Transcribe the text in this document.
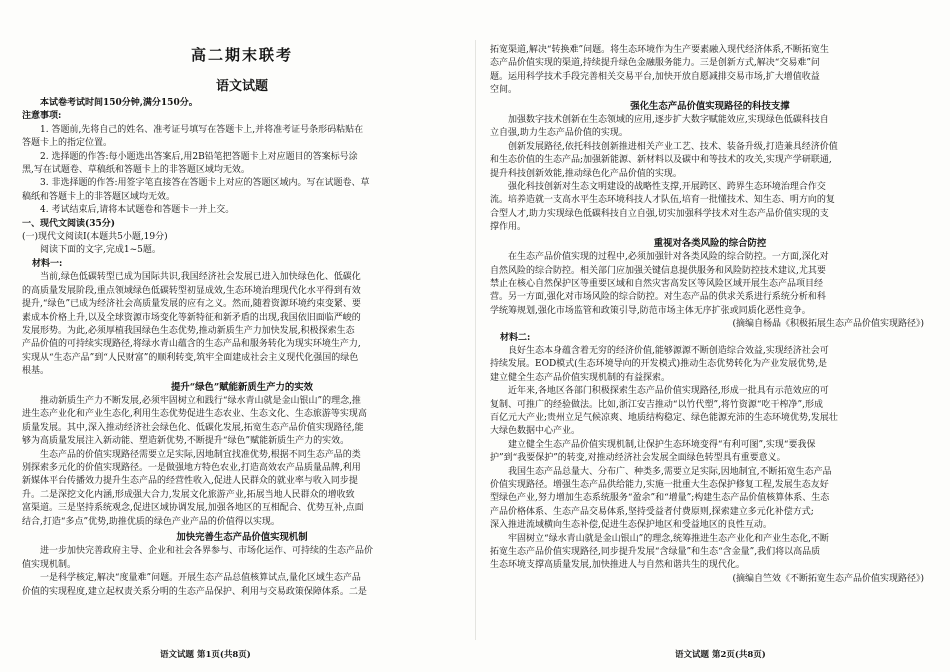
高二期末联考

语文试题

本试卷考试时间150分钟,满分150分。

注意事项:

1. 答题前,先将自己的姓名、准考证号填写在答题卡上,并将准考证号条形码粘贴在

答题卡上的指定位置。

2. 选择题的作答:每小题选出答案后,用2B铅笔把答题卡上对应题目的答案标号涂

黑,写在试题卷、草稿纸和答题卡上的非答题区域均无效。

3. 非选择题的作答:用签字笔直接答在答题卡上对应的答题区域内。写在试题卷、草

稿纸和答题卡上的非答题区域均无效。

4. 考试结束后,请将本试题卷和答题卡一并上交。

一、现代文阅读(35分)

(一)现代文阅读Ⅰ(本题共5小题,19分)

阅读下面的文字,完成1~5题。

材料一:

当前,绿色低碳转型已成为国际共识,我国经济社会发展已进入加快绿色化、低碳化

的高质量发展阶段,重点领域绿色低碳转型初显成效,生态环境治理现代化水平得到有效

提升,“绿色”已成为经济社会高质量发展的应有之义。然而,随着资源环境约束变紧、要

素成本价格上升,以及全球资源市场变化等新特征和新矛盾的出现,我国依旧面临严峻的

发展形势。为此,必须厚植我国绿色生态优势,推动新质生产力加快发展,积极探索生态

产品价值的可持续实现路径,将绿水青山蕴含的生态产品和服务转化为现实环境生产力,

实现从“生态产品”到“人民财富”的顺利转变,筑牢全面建成社会主义现代化强国的绿色

根基。

提升“绿色”赋能新质生产力的实效

推动新质生产力不断发展,必须牢固树立和践行“绿水青山就是金山银山”的理念,推

进生态产业化和产业生态化,利用生态优势促进生态农业、生态文化、生态旅游等实现高

质量发展。其中,深入推动经济社会绿色化、低碳化发展,拓宽生态产品价值实现路径,能

够为高质量发展注入新动能、塑造新优势,不断提升“绿色”赋能新质生产力的实效。

生态产品的价值实现路径需要立足实际,因地制宜找准优势,根据不同生态产品的类

别探索多元化的价值实现路径。一是做强地方特色农业,打造高效农产品质量品牌,利用

新媒体平台传播效力提升生态产品的经营性收入,促进人民群众的就业率与收入同步提

升。二是深挖文化内涵,形成强大合力,发展文化旅游产业,拓展当地人民群众的增收致

富渠道。三是坚持系统观念,促进区域协调发展,加强各地区的互相配合、优势互补,点面

结合,打造“多点”优势,助推优质的绿色产业产品的价值得以实现。

加快完善生态产品价值实现机制

进一步加快完善政府主导、企业和社会各界参与、市场化运作、可持续的生态产品价

值实现机制。

一是科学核定,解决“度量难”问题。开展生态产品总值核算试点,量化区域生态产品

价值的实现程度,建立起权责关系分明的生态产品保护、利用与交易政策保障体系。二是

语文试题 第1页(共8页)

拓宽渠道,解决“转换难”问题。将生态环境作为生产要素融入现代经济体系,不断拓宽生

态产品价值实现的渠道,持续提升绿色金融服务能力。三是创新方式,解决“交易难”问

题。运用科学技术手段完善相关交易平台,加快开放自愿减排交易市场,扩大增值收益

空间。

强化生态产品价值实现路径的科技支撑

加强数字技术创新在生态领域的应用,逐步扩大数字赋能效应,实现绿色低碳科技自

立自强,助力生态产品价值的实现。

创新发展路径,依托科技创新推进相关产业工艺、技术、装备升级,打造兼具经济价值

和生态价值的生态产品;加强新能源、新材料以及碳中和等技术的攻关,实现产学研联通,

提升科技创新效能,推动绿色化产品价值的实现。

强化科技创新对生态文明建设的战略性支撑,开展跨区、跨界生态环境治理合作交

流。培养造就一支高水平生态环境科技人才队伍,培育一批懂技术、知生态、明方向的复

合型人才,助力实现绿色低碳科技自立自强,切实加强科学技术对生态产品价值实现的支

撑作用。

重视对各类风险的综合防控

在生态产品价值实现的过程中,必须加强针对各类风险的综合防控。一方面,深化对

自然风险的综合防控。相关部门应加强关键信息提供服务和风险防控技术建议,尤其要

禁止在核心自然保护区等重要区域和自然灾害高发区等风险区域开展生态产品项目经

营。另一方面,强化对市场风险的综合防控。对生态产品的供求关系进行系统分析和科

学统筹规划,强化市场监管和政策引导,防范市场主体无序扩张或同质化恶性竞争。

(摘编自杨晶《积极拓展生态产品价值实现路径》)

材料二:

良好生态本身蕴含着无穷的经济价值,能够源源不断创造综合效益,实现经济社会可

持续发展。EOD模式(生态环境导向的开发模式)推动生态优势转化为产业发展优势,是

建立健全生态产品价值实现机制的有益探索。

近年来,各地区各部门积极探索生态产品价值实现路径,形成一批具有示范效应的可

复制、可推广的经验做法。比如,浙江安吉推动“以竹代塑”,将竹资源“吃干榨净”,形成

百亿元大产业;贵州立足气候凉爽、地质结构稳定、绿色能源充沛的生态环境优势,发展壮

大绿色数据中心产业。

建立健全生态产品价值实现机制,让保护生态环境变得“有利可图”,实现“要我保

护”到“我要保护”的转变,对推动经济社会发展全面绿色转型具有重要意义。

我国生态产品总量大、分布广、种类多,需要立足实际,因地制宜,不断拓宽生态产品

价值实现路径。增强生态产品供给能力,实施一批重大生态保护修复工程,发展生态友好

型绿色产业,努力增加生态系统服务“盈余”和“增量”;构建生态产品价值核算体系、生态

产品价格体系、生态产品交易体系,坚持受益者付费原则,探索建立多元化补偿方式;

深入推进流域横向生态补偿,促进生态保护地区和受益地区的良性互动。

牢固树立“绿水青山就是金山银山”的理念,统筹推进生态产业化和产业生态化,不断

拓宽生态产品价值实现路径,同步提升发展“含绿量”和生态“含金量”,我们将以高品质

生态环境支撑高质量发展,加快推进人与自然和谐共生的现代化。

(摘编自竺效《不断拓宽生态产品价值实现路径》)

语文试题 第2页(共8页)
